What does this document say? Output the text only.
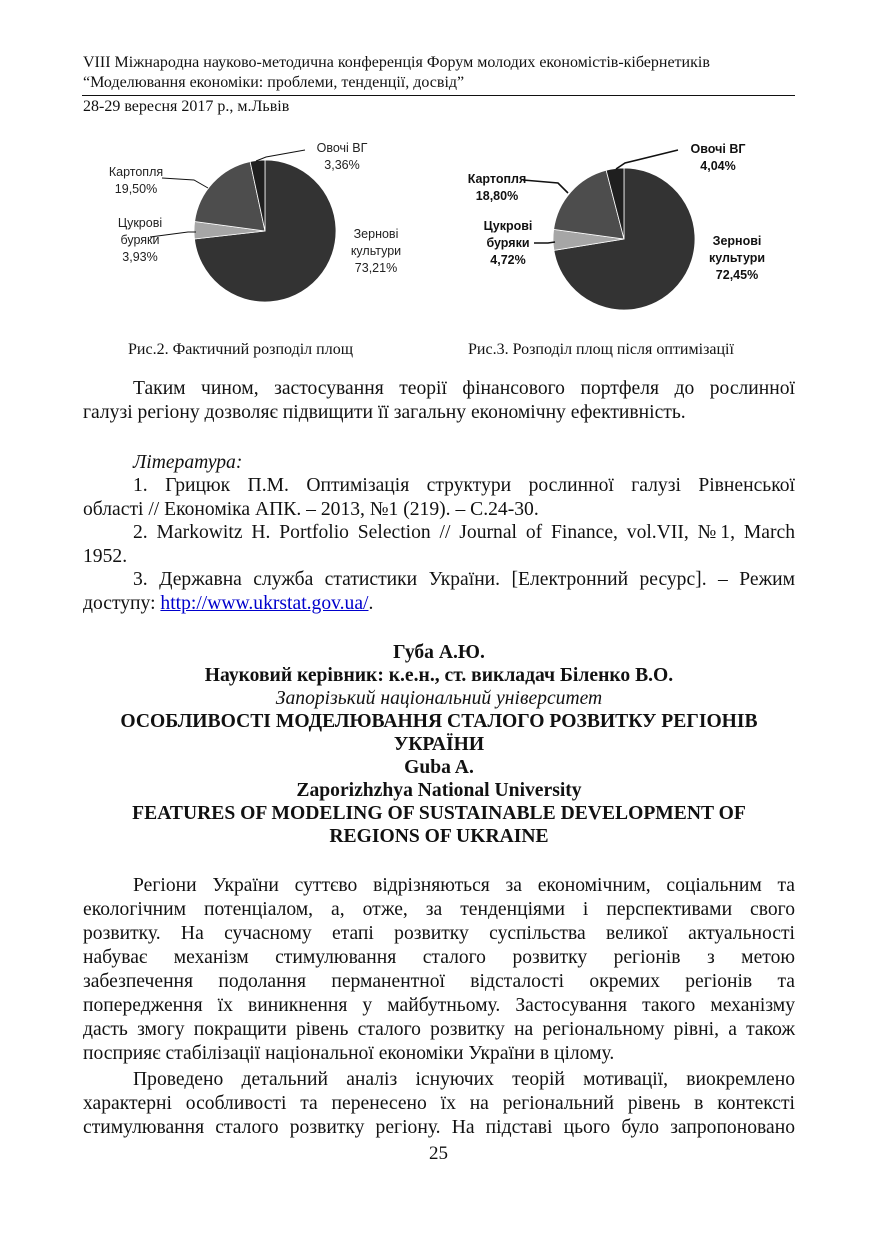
VIII Міжнародна науково-методична конференція Форум молодих економістів-кібернетиків
“Моделювання економіки: проблеми, тенденції, досвід”
28-29 вересня 2017 р., м.Львів
Зернові
культури
73,21%
Цукрові
буряки
3,93%
Картопля
19,50%
Овочі ВГ
3,36%
Зернові
культури
72,45%
Цукрові
буряки
4,72%
Картопля
18,80%
Овочі ВГ
4,04%
Рис.2. Фактичний розподіл площ	Рис.3. Розподіл площ після оптимізації
Таким чином, застосування теорії фінансового портфеля до рослинної
галузі регіону дозволяє підвищити її загальну економічну ефективність.
Література:
1. Грицюк П.М. Оптимізація структури рослинної галузі Рівненської
області // Економіка АПК. – 2013, №1 (219). – С.24-30.
2. Markowitz H. Portfolio Selection // Journal of Finance, vol.VII, №1, March
1952.
3. Державна служба статистики України. [Електронний ресурс]. – Режим
доступу: http://www.ukrstat.gov.ua/.
Губа А.Ю.
Науковий керівник: к.е.н., ст. викладач Біленко В.О.
Запорізький національний університет
ОСОБЛИВОСТІ МОДЕЛЮВАННЯ СТАЛОГО РОЗВИТКУ РЕГІОНІВ
УКРАЇНИ
Guba A.
Zaporizhzhya National University
FEATURES OF MODELING OF SUSTAINABLE DEVELOPMENT OF
REGIONS OF UKRAINE
Регіони України суттєво відрізняються за економічним, соціальним та
екологічним потенціалом, а, отже, за тенденціями і перспективами свого
розвитку. На сучасному етапі розвитку суспільства великої актуальності
набуває механізм стимулювання сталого розвитку регіонів з метою
забезпечення подолання перманентної відсталості окремих регіонів та
попередження їх виникнення у майбутньому. Застосування такого механізму
дасть змогу покращити рівень сталого розвитку на регіональному рівні, а також
посприяє стабілізації національної економіки України в цілому.
Проведено детальний аналіз існуючих теорій мотивації, виокремлено
характерні особливості та перенесено їх на регіональний рівень в контексті
стимулювання сталого розвитку регіону. На підставі цього було запропоновано
25
